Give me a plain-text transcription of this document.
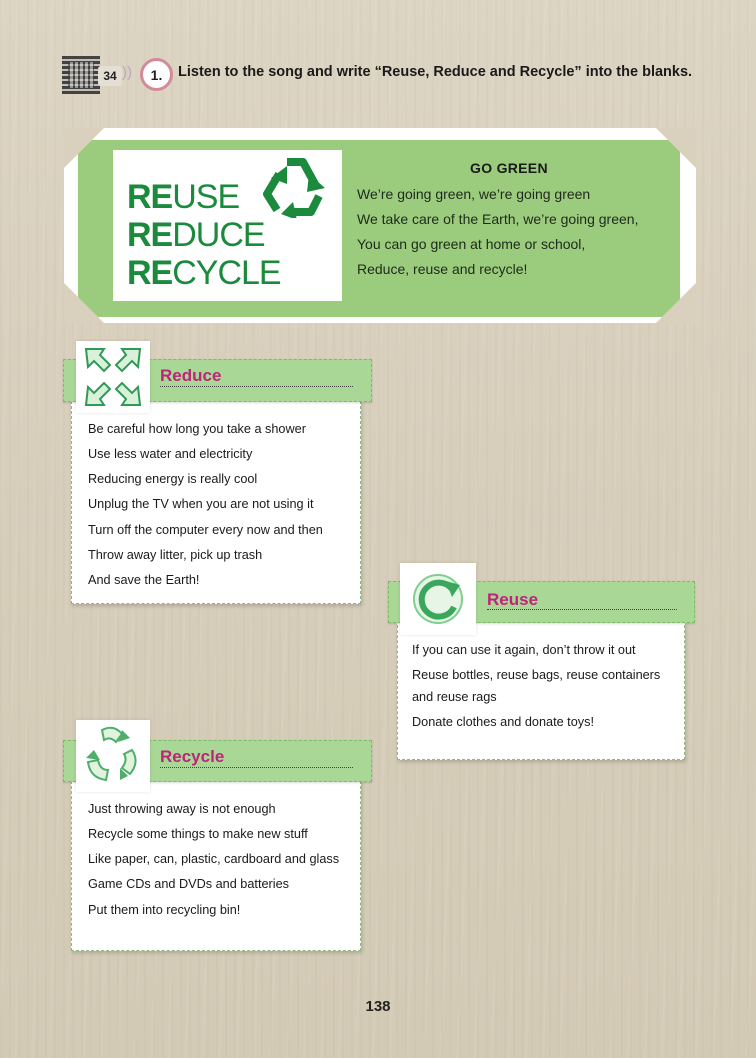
34 ))	1.	Listen to the song and write “Reuse, Reduce and Recycle” into the blanks.
REUSE
REDUCE
RECYCLE
GO GREEN
We’re going green, we’re going green
We take care of the Earth, we’re going green,
You can go green at home or school,
Reduce, reuse and recycle!
Reduce
Be careful how long you take a shower
Use less water and electricity
Reducing energy is really cool
Unplug the TV when you are not using it
Turn off the computer every now and then
Throw away litter, pick up trash
And save the Earth!
Reuse
If you can use it again, don’t throw it out
Reuse bottles, reuse bags, reuse containers
and reuse rags
Donate clothes and donate toys!
Recycle
Just throwing away is not enough
Recycle some things to make new stuff
Like paper, can, plastic, cardboard and glass
Game CDs and DVDs and batteries
Put them into recycling bin!
138
